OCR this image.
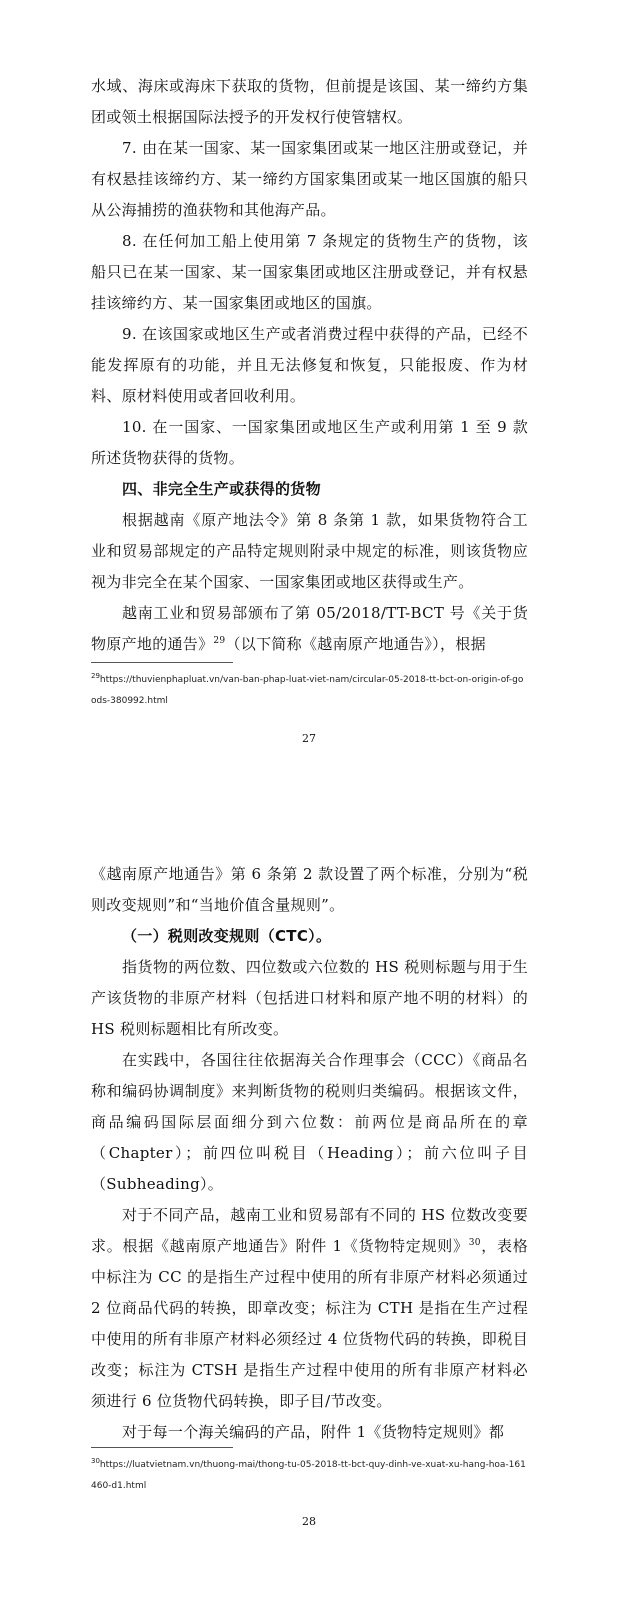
水域、海床或海床下获取的货物，但前提是该国、某一缔约方集团或领土根据国际法授予的开发权行使管辖权。

7. 由在某一国家、某一国家集团或某一地区注册或登记，并有权悬挂该缔约方、某一缔约方国家集团或某一地区国旗的船只从公海捕捞的渔获物和其他海产品。

8. 在任何加工船上使用第 7 条规定的货物生产的货物，该船只已在某一国家、某一国家集团或地区注册或登记，并有权悬挂该缔约方、某一国家集团或地区的国旗。

9. 在该国家或地区生产或者消费过程中获得的产品，已经不能发挥原有的功能，并且无法修复和恢复，只能报废、作为材料、原材料使用或者回收利用。

10. 在一国家、一国家集团或地区生产或利用第 1 至 9 款所述货物获得的货物。

四、非完全生产或获得的货物

根据越南《原产地法令》第 8 条第 1 款，如果货物符合工业和贸易部规定的产品特定规则附录中规定的标准，则该货物应视为非完全在某个国家、一国家集团或地区获得或生产。

越南工业和贸易部颁布了第 05/2018/TT-BCT 号《关于货物原产地的通告》$^{29}$（以下简称《越南原产地通告》），根据

$^{29}$https://thuvienphapluat.vn/van-ban-phap-luat-viet-nam/circular-05-2018-tt-bct-on-origin-of-goods-380992.html
27

《越南原产地通告》第 6 条第 2 款设置了两个标准，分别为“税则改变规则”和“当地价值含量规则”。

（一）税则改变规则（CTC）。

指货物的两位数、四位数或六位数的 HS 税则标题与用于生产该货物的非原产材料（包括进口材料和原产地不明的材料）的 HS 税则标题相比有所改变。

在实践中，各国往往依据海关合作理事会（CCC）《商品名称和编码协调制度》来判断货物的税则归类编码。根据该文件，商品编码国际层面细分到六位数：前两位是商品所在的章（Chapter）；前四位叫税目（Heading）；前六位叫子目（Subheading）。

对于不同产品，越南工业和贸易部有不同的 HS 位数改变要求。根据《越南原产地通告》附件 1《货物特定规则》$^{30}$，表格中标注为 CC 的是指生产过程中使用的所有非原产材料必须通过 2 位商品代码的转换，即章改变；标注为 CTH 是指在生产过程中使用的所有非原产材料必须经过 4 位货物代码的转换，即税目改变；标注为 CTSH 是指生产过程中使用的所有非原产材料必须进行 6 位货物代码转换，即子目/节改变。

对于每一个海关编码的产品，附件 1《货物特定规则》都

$^{30}$https://luatvietnam.vn/thuong-mai/thong-tu-05-2018-tt-bct-quy-dinh-ve-xuat-xu-hang-hoa-161460-d1.html
28
